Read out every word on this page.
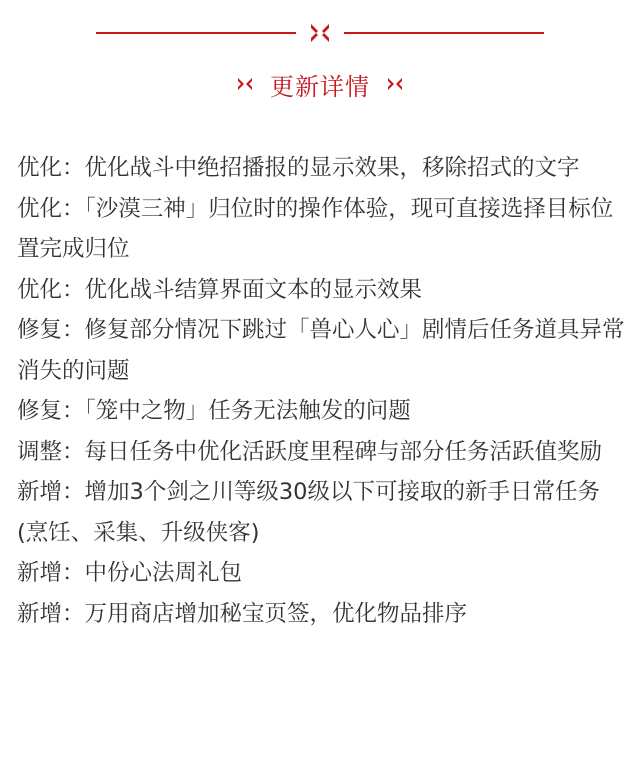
更新详情

优化：优化战斗中绝招播报的显示效果，移除招式的文字

优化：「沙漠三神」归位时的操作体验，现可直接选择目标位置完成归位

优化：优化战斗结算界面文本的显示效果

修复：修复部分情况下跳过「兽心人心」剧情后任务道具异常消失的问题

修复：「笼中之物」任务无法触发的问题

调整：每日任务中优化活跃度里程碑与部分任务活跃值奖励

新增：增加3个剑之川等级30级以下可接取的新手日常任务(烹饪、采集、升级侠客)

新增：中份心法周礼包

新增：万用商店增加秘宝页签，优化物品排序
